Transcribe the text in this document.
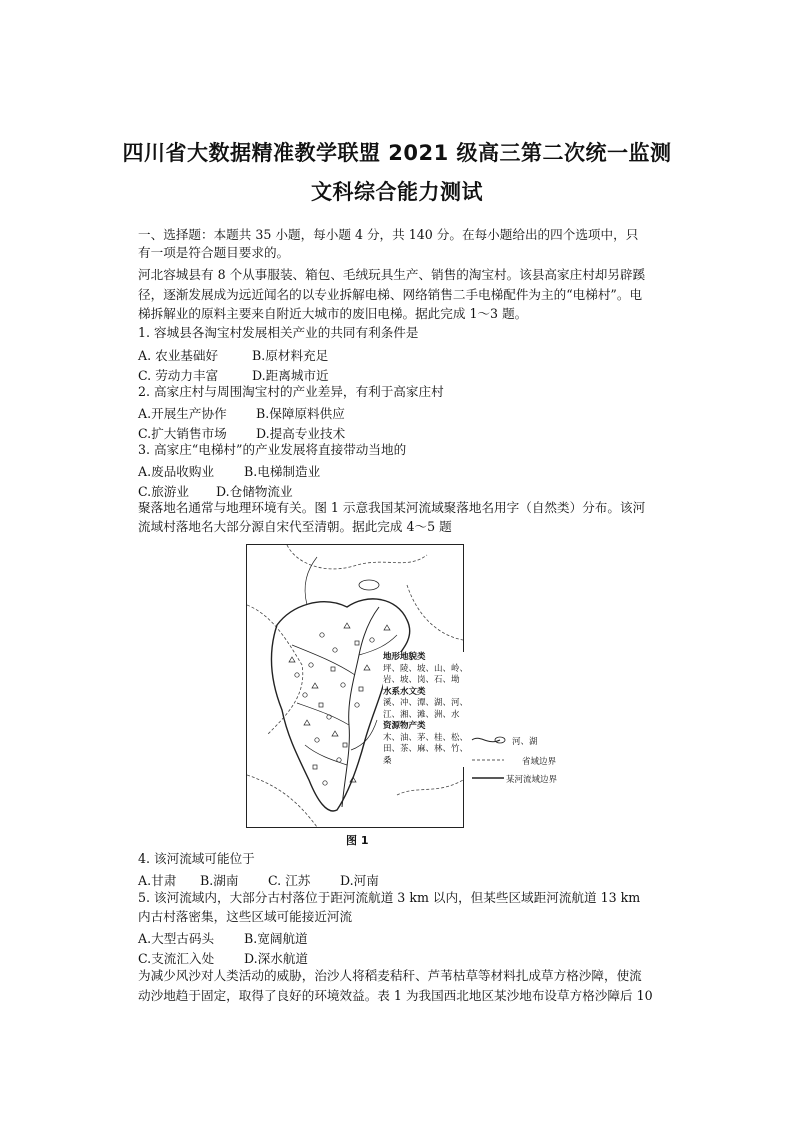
四川省大数据精准教学联盟 2021 级高三第二次统一监测
文科综合能力测试
一、选择题：本题共 35 小题，每小题 4 分，共 140 分。在每小题给出的四个选项中，只
有一项是符合题目要求的。
河北容城县有 8 个从事服装、箱包、毛绒玩具生产、销售的淘宝村。该县高家庄村却另辟蹊
径，逐渐发展成为远近闻名的以专业拆解电梯、网络销售二手电梯配件为主的“电梯村”。电
梯拆解业的原料主要来自附近大城市的废旧电梯。据此完成 1～3 题。
1. 容城县各淘宝村发展相关产业的共同有利条件是
A. 农业基础好	B.原材料充足
C. 劳动力丰富	D.距离城市近
2. 高家庄村与周围淘宝村的产业差异，有利于高家庄村
A.开展生产协作 B.保障原料供应
C.扩大销售市场 D.提高专业技术
3. 高家庄“电梯村”的产业发展将直接带动当地的
A.废品收购业 B.电梯制造业
C.旅游业 D.仓储物流业
聚落地名通常与地理环境有关。图 1 示意我国某河流域聚落地名用字（自然类）分布。该河
流域村落地名大部分源自宋代至清朝。据此完成 4～5 题
地形地貌类
坪、陵、坡、山、岭、岩、坡、岗、石、坳
水系水文类
溪、冲、潭、湖、河、江、湘、滩、洲、水
资源物产类
木、油、茅、桂、松、田、茶、麻、林、竹、桑
河、湖
省域边界
某河流域边界
图 1
4. 该河流域可能位于
A.甘肃 B.湖南 C. 江苏 D.河南
5. 该河流域内，大部分古村落位于距河流航道 3 km 以内，但某些区域距河流航道 13 km
内古村落密集，这些区域可能接近河流
A.大型古码头 B.宽阔航道
C.支流汇入处 D.深水航道
为减少风沙对人类活动的威胁，治沙人将稻麦秸秆、芦苇枯草等材料扎成草方格沙障，使流
动沙地趋于固定，取得了良好的环境效益。表 1 为我国西北地区某沙地布设草方格沙障后 10
